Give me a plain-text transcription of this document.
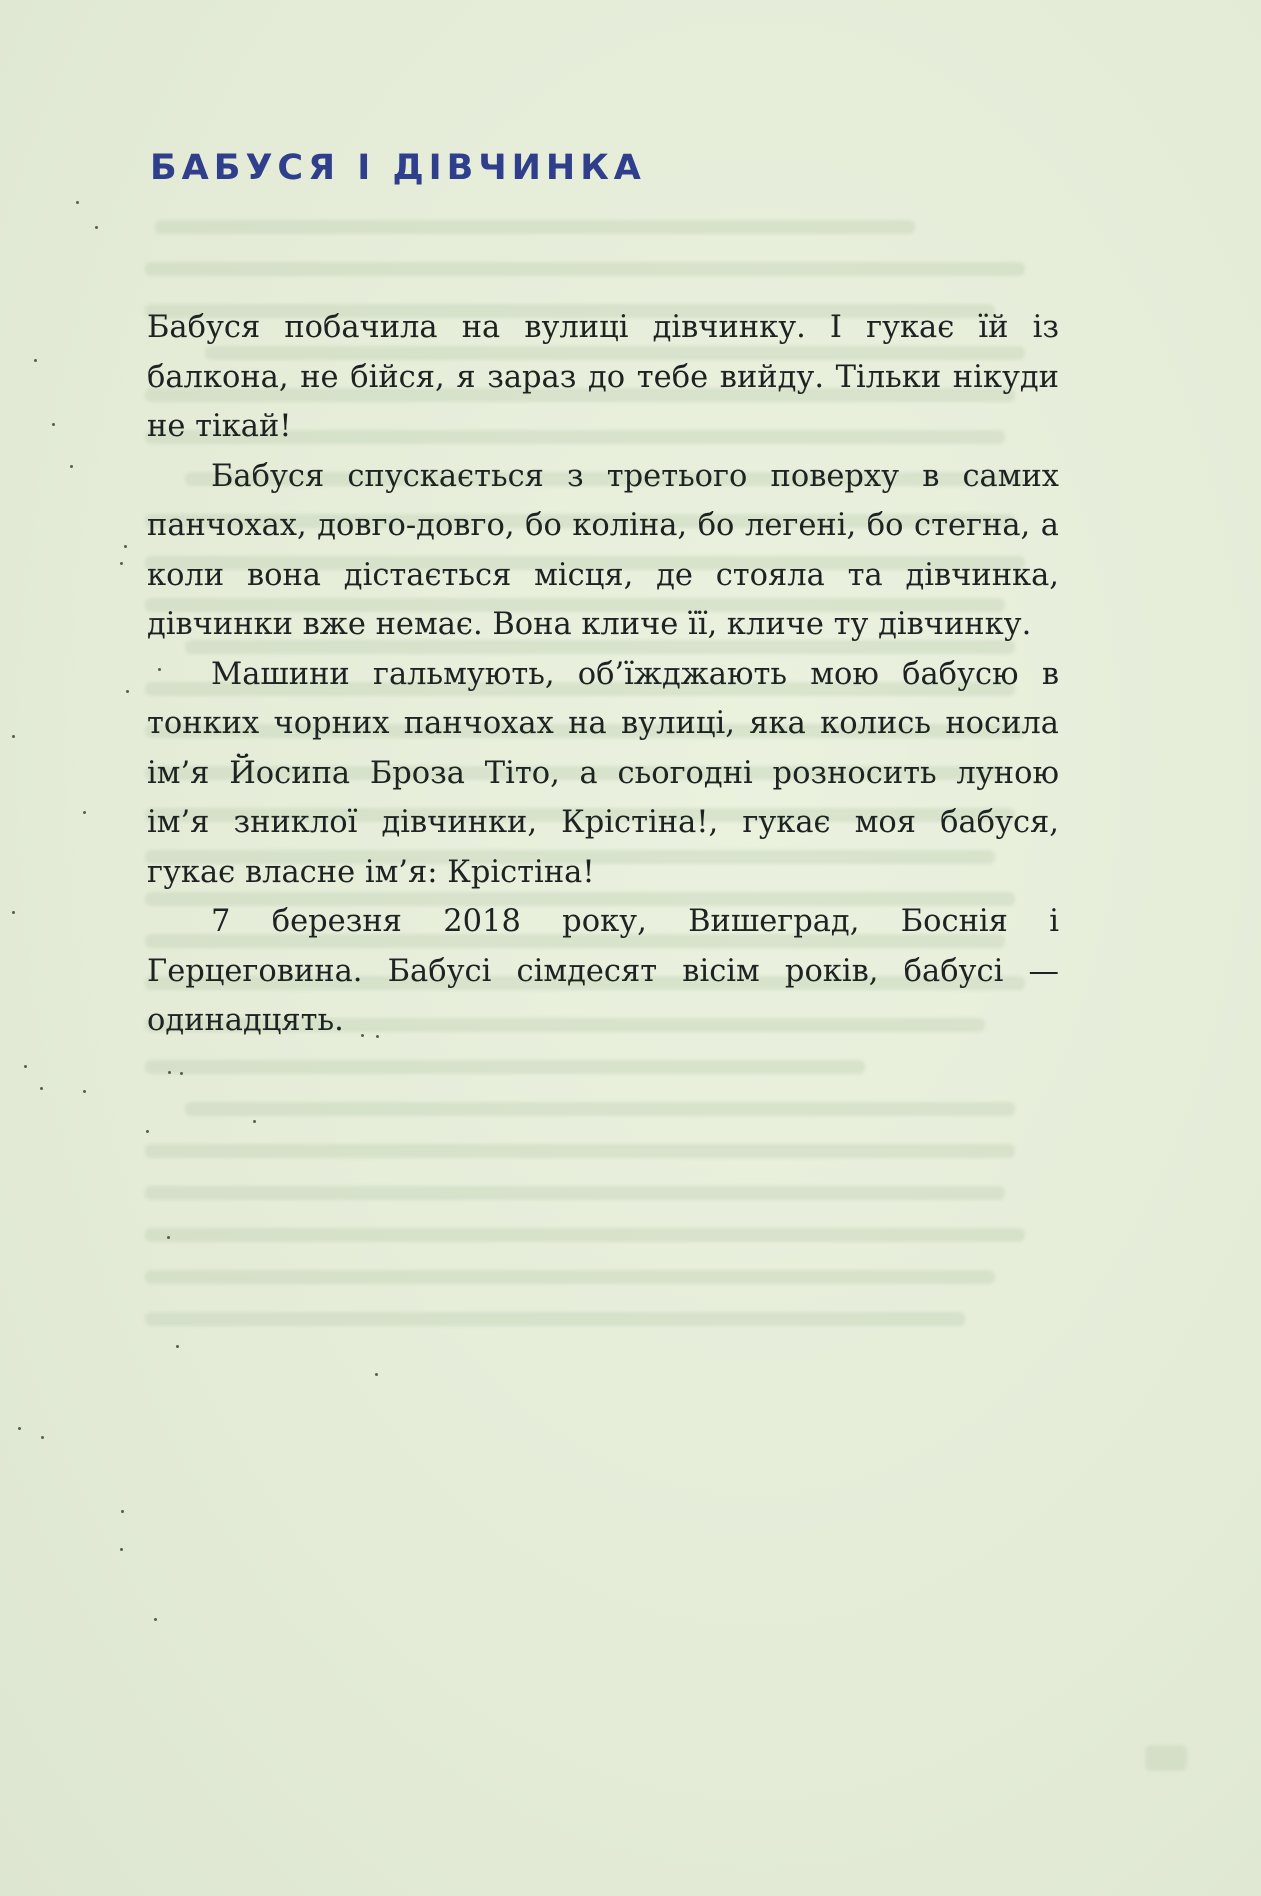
БАБУСЯ І ДІВЧИНКА

Бабуся побачила на вулиці дівчинку. І гукає їй із балкона, не бійся, я зараз до тебе вийду. Тільки нікуди не тікай!

Бабуся спускається з третього поверху в самих панчохах, довго-довго, бо коліна, бо легені, бо стегна, а коли вона дістається місця, де стояла та дівчинка, дівчинки вже немає. Вона кличе її, кличе ту дівчинку.

Машини гальмують, об’їжджають мою бабусю в тонких чорних панчохах на вулиці, яка колись носила ім’я Йосипа Броза Тіто, а сьогодні розносить луною ім’я зниклої дівчинки, Крістіна!, гукає моя бабуся, гукає власне ім’я: Крістіна!

7 березня 2018 року, Вишеград, Боснія і Герцеговина. Бабусі сімдесят вісім років, бабусі — одинадцять.
